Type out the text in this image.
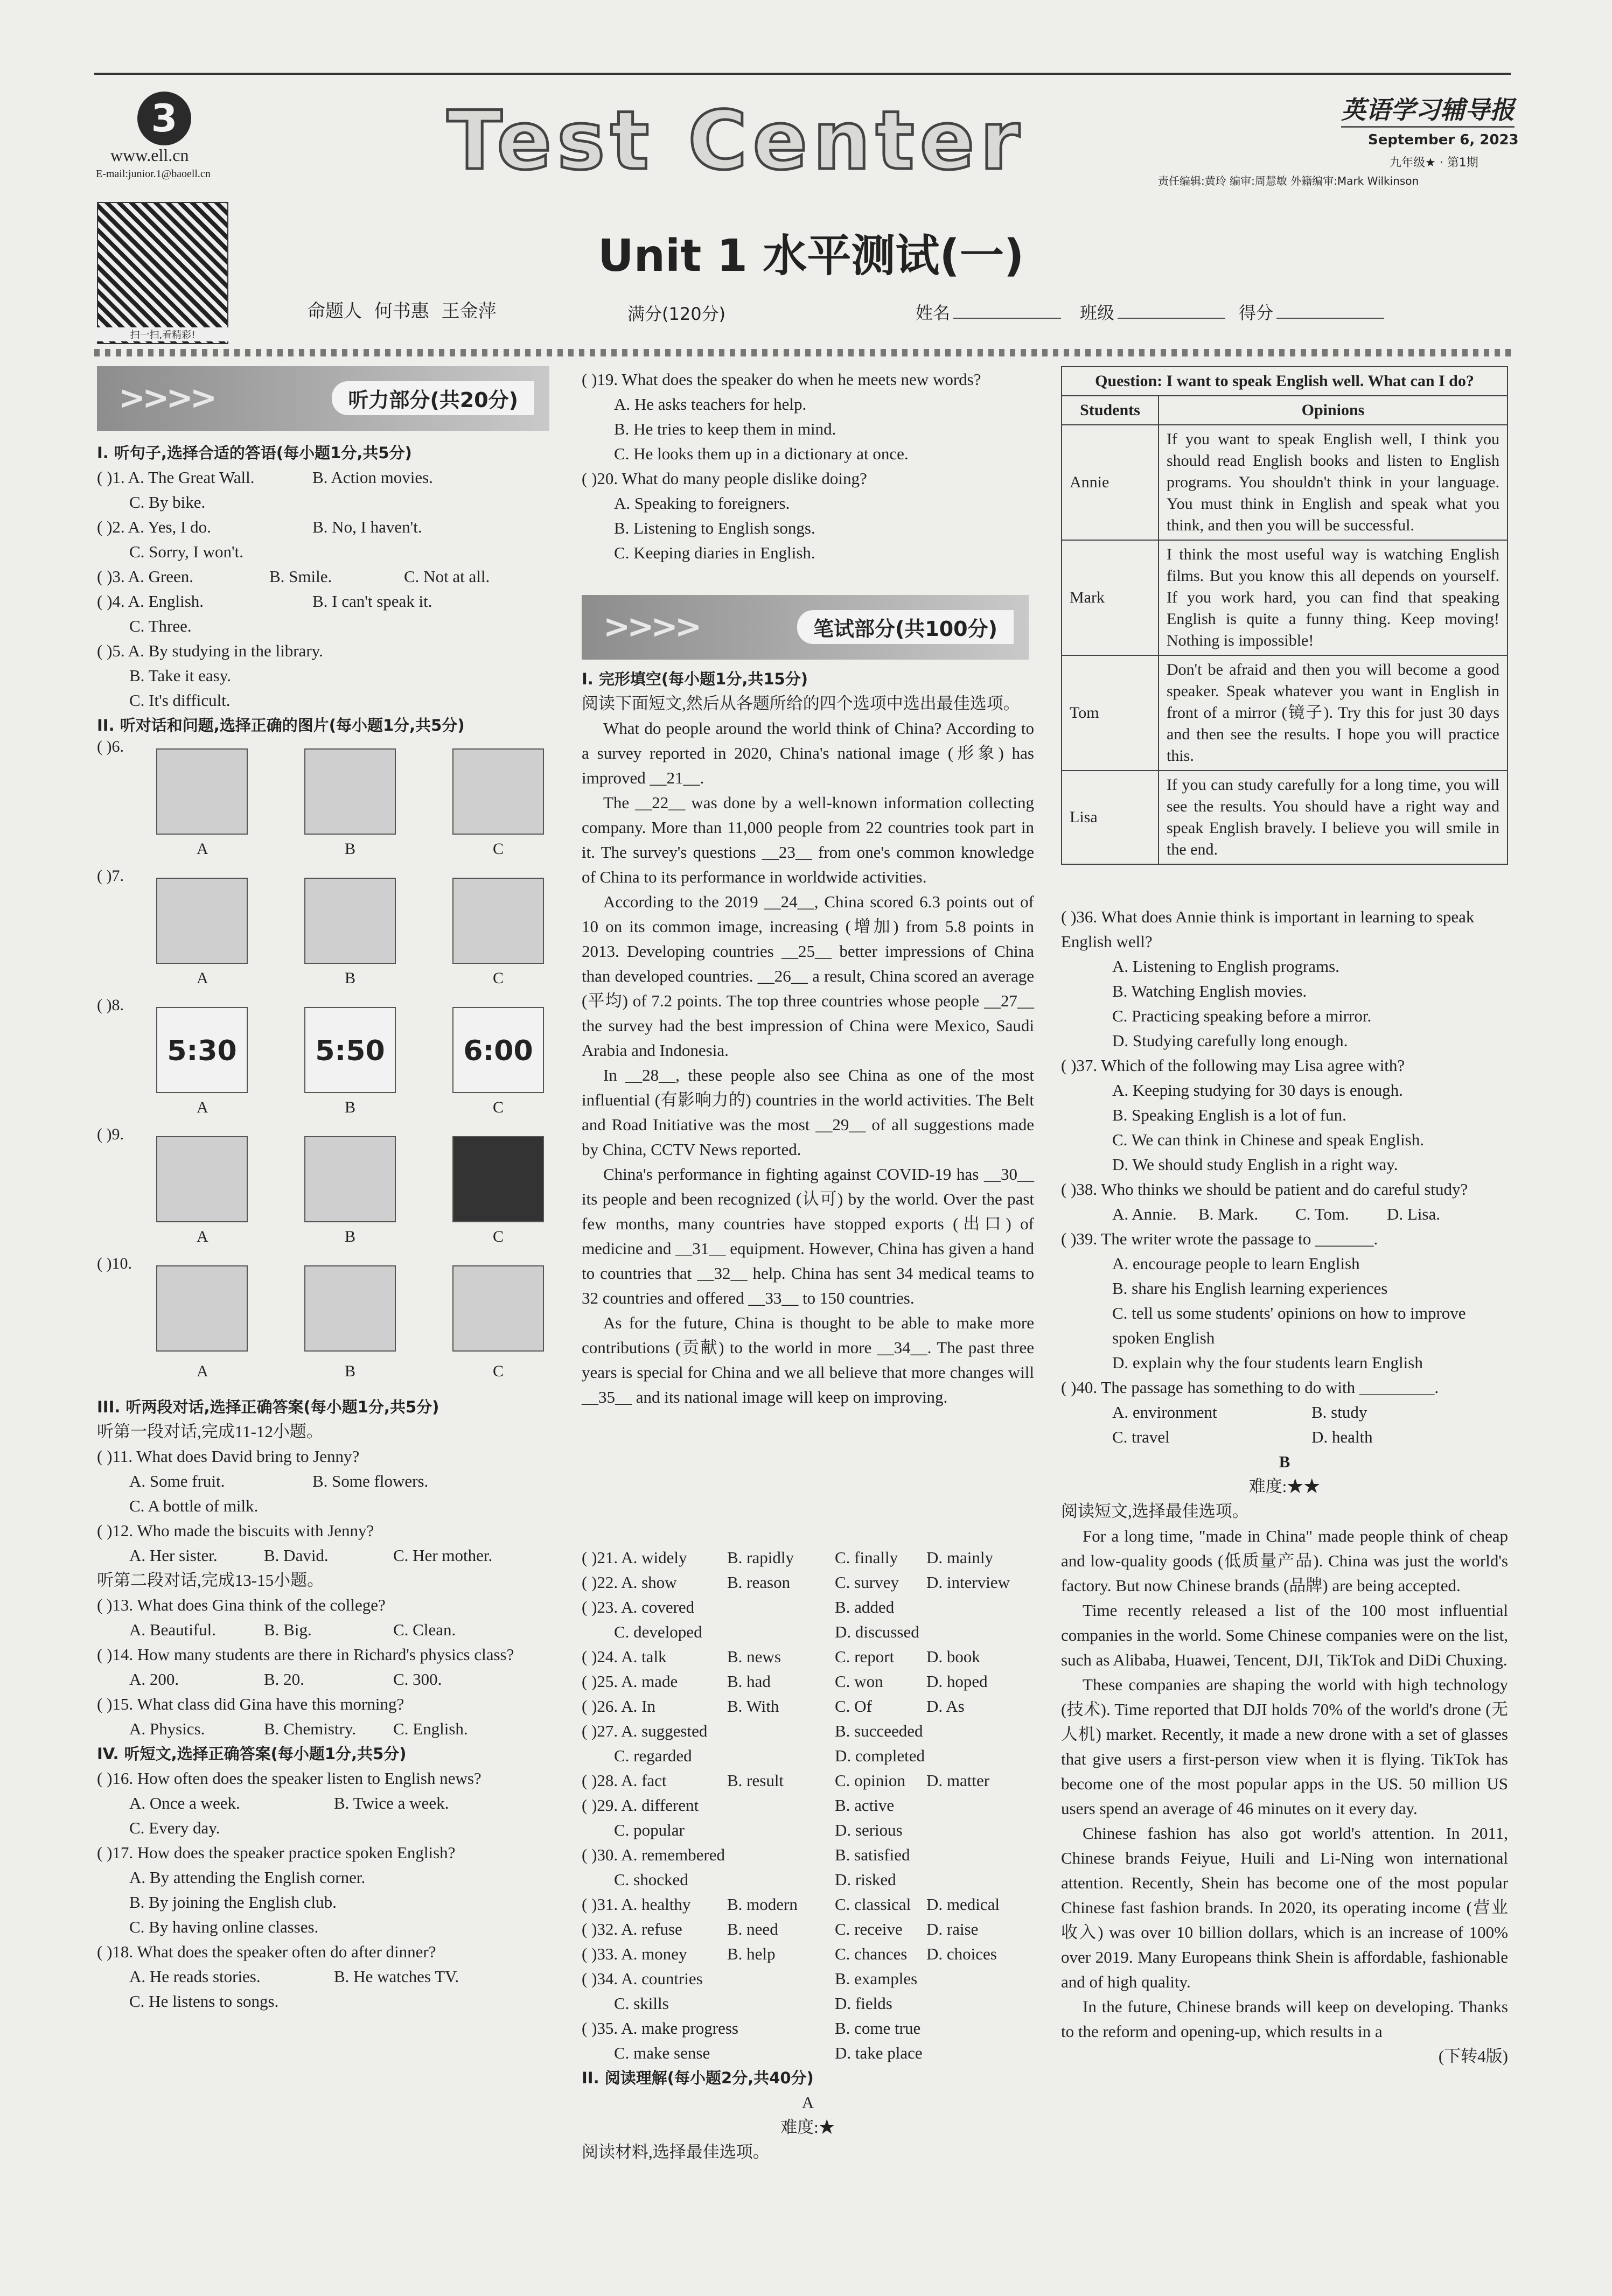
3
www.ell.cn
E-mail:junior.1@baoell.cn	Test Center	英语学习辅导报
September 6, 2023
九年级★ · 第1期
责任编辑:黄玲 编审:周慧敏 外籍编审:Mark Wilkinson
扫一扫,看精彩!
Unit 1 水平测试(一)
命题人 何书惠 王金萍	满分(120分)	姓名	班级	得分
>>>>	听力部分(共20分)

I. 听句子,选择合适的答语(每小题1分,共5分)

( )1. A. The Great Wall.	B. Action movies.

C. By bike.

( )2. A. Yes, I do.	B. No, I haven't.

C. Sorry, I won't.

( )3. A. Green.	B. Smile.	C. Not at all.

( )4. A. English.	B. I can't speak it.

C. Three.

( )5. A. By studying in the library.

B. Take it easy.

C. It's difficult.

II. 听对话和问题,选择正确的图片(每小题1分,共5分)

( )6.
A	B	C
( )7.
A	B	C
( )8.
5:30	5:50	6:00
A	B	C
( )9.
A	B	C
( )10.
A	B	C

III. 听两段对话,选择正确答案(每小题1分,共5分)

听第一段对话,完成11-12小题。

( )11. What does David bring to Jenny?

A. Some fruit.	B. Some flowers.

C. A bottle of milk.

( )12. Who made the biscuits with Jenny?

A. Her sister.	B. David.	C. Her mother.

听第二段对话,完成13-15小题。

( )13. What does Gina think of the college?

A. Beautiful.	B. Big.	C. Clean.

( )14. How many students are there in Richard's physics class?

A. 200.	B. 20.	C. 300.

( )15. What class did Gina have this morning?

A. Physics.	B. Chemistry. C. English.

IV. 听短文,选择正确答案(每小题1分,共5分)

( )16. How often does the speaker listen to English news?

A. Once a week.	B. Twice a week.

C. Every day.

( )17. How does the speaker practice spoken English?

A. By attending the English corner.

B. By joining the English club.

C. By having online classes.

( )18. What does the speaker often do after dinner?

A. He reads stories.	B. He watches TV.

C. He listens to songs.

( )19. What does the speaker do when he meets new words?

A. He asks teachers for help.

B. He tries to keep them in mind.

C. He looks them up in a dictionary at once.

( )20. What do many people dislike doing?

A. Speaking to foreigners.

B. Listening to English songs.

C. Keeping diaries in English.

>>>>	笔试部分(共100分)

I. 完形填空(每小题1分,共15分)

阅读下面短文,然后从各题所给的四个选项中选出最佳选项。

What do people around the world think of China? According to a survey reported in 2020, China's national image (形象) has improved __21__.

The __22__ was done by a well-known information collecting company. More than 11,000 people from 22 countries took part in it. The survey's questions __23__ from one's common knowledge of China to its performance in worldwide activities.

According to the 2019 __24__, China scored 6.3 points out of 10 on its common image, increasing (增加) from 5.8 points in 2013. Developing countries __25__ better impressions of China than developed countries. __26__ a result, China scored an average (平均) of 7.2 points. The top three countries whose people __27__ the survey had the best impression of China were Mexico, Saudi Arabia and Indonesia.

In __28__, these people also see China as one of the most influential (有影响力的) countries in the world activities. The Belt and Road Initiative was the most __29__ of all suggestions made by China, CCTV News reported.

China's performance in fighting against COVID-19 has __30__ its people and been recognized (认可) by the world. Over the past few months, many countries have stopped exports (出口) of medicine and __31__ equipment. However, China has given a hand to countries that __32__ help. China has sent 34 medical teams to 32 countries and offered __33__ to 150 countries.

As for the future, China is thought to be able to make more contributions (贡献) to the world in more __34__. The past three years is special for China and we all believe that more changes will __35__ and its national image will keep on improving.

( )21. A. widely B. rapidly C. finally D. mainly

( )22. A. show	B. reason	C. survey D. interview

( )23. A. covered	B. added

C. developed	D. discussed

( )24. A. talk	B. news	C. report D. book

( )25. A. made	B. had	C. won	D. hoped

( )26. A. In	B. With	C. Of	D. As

( )27. A. suggested	B. succeeded

C. regarded	D. completed

( )28. A. fact	B. result	C. opinion D. matter

( )29. A. different	B. active

C. popular	D. serious

( )30. A. remembered	B. satisfied

C. shocked	D. risked

( )31. A. healthy B. modern C. classical D. medical

( )32. A. refuse	B. need	C. receive D. raise

( )33. A. money B. help	C. chances D. choices

( )34. A. countries	B. examples

C. skills	D. fields

( )35. A. make progress	B. come true

C. make sense	D. take place

II. 阅读理解(每小题2分,共40分)

A

难度:★

阅读材料,选择最佳选项。

Question: I want to speak English well. What can I do?	
Students	Opinions
Annie	If you want to speak English well, I think you should read English books and listen to English programs. You shouldn't think in your language. You must think in English and speak what you think, and then you will be successful.
Mark	I think the most useful way is watching English films. But you know this all depends on yourself. If you work hard, you can find that speaking English is quite a funny thing. Keep moving! Nothing is impossible!
Tom	Don't be afraid and then you will become a good speaker. Speak whatever you want in English in front of a mirror (镜子). Try this for just 30 days and then see the results. I hope you will practice this.
Lisa	If you can study carefully for a long time, you will see the results. You should have a right way and speak English bravely. I believe you will smile in the end.

( )36. What does Annie think is important in learning to speak English well?

A. Listening to English programs.

B. Watching English movies.

C. Practicing speaking before a mirror.

D. Studying carefully long enough.

( )37. Which of the following may Lisa agree with?

A. Keeping studying for 30 days is enough.

B. Speaking English is a lot of fun.

C. We can think in Chinese and speak English.

D. We should study English in a right way.

( )38. Who thinks we should be patient and do careful study?

A. Annie. B. Mark. C. Tom. D. Lisa.

( )39. The writer wrote the passage to _______.

A. encourage people to learn English

B. share his English learning experiences

C. tell us some students' opinions on how to improve spoken English

D. explain why the four students learn English

( )40. The passage has something to do with _________.

A. environment	B. study

C. travel	D. health

B

难度:★★

阅读短文,选择最佳选项。

For a long time, "made in China" made people think of cheap and low-quality goods (低质量产品). China was just the world's factory. But now Chinese brands (品牌) are being accepted.

Time recently released a list of the 100 most influential companies in the world. Some Chinese companies were on the list, such as Alibaba, Huawei, Tencent, DJI, TikTok and DiDi Chuxing.

These companies are shaping the world with high technology (技术). Time reported that DJI holds 70% of the world's drone (无人机) market. Recently, it made a new drone with a set of glasses that give users a first-person view when it is flying. TikTok has become one of the most popular apps in the US. 50 million US users spend an average of 46 minutes on it every day.

Chinese fashion has also got world's attention. In 2011, Chinese brands Feiyue, Huili and Li-Ning won international attention. Recently, Shein has become one of the most popular Chinese fast fashion brands. In 2020, its operating income (营业收入) was over 10 billion dollars, which is an increase of 100% over 2019. Many Europeans think Shein is affordable, fashionable and of high quality.

In the future, Chinese brands will keep on developing. Thanks to the reform and opening-up, which results in a

(下转4版)
